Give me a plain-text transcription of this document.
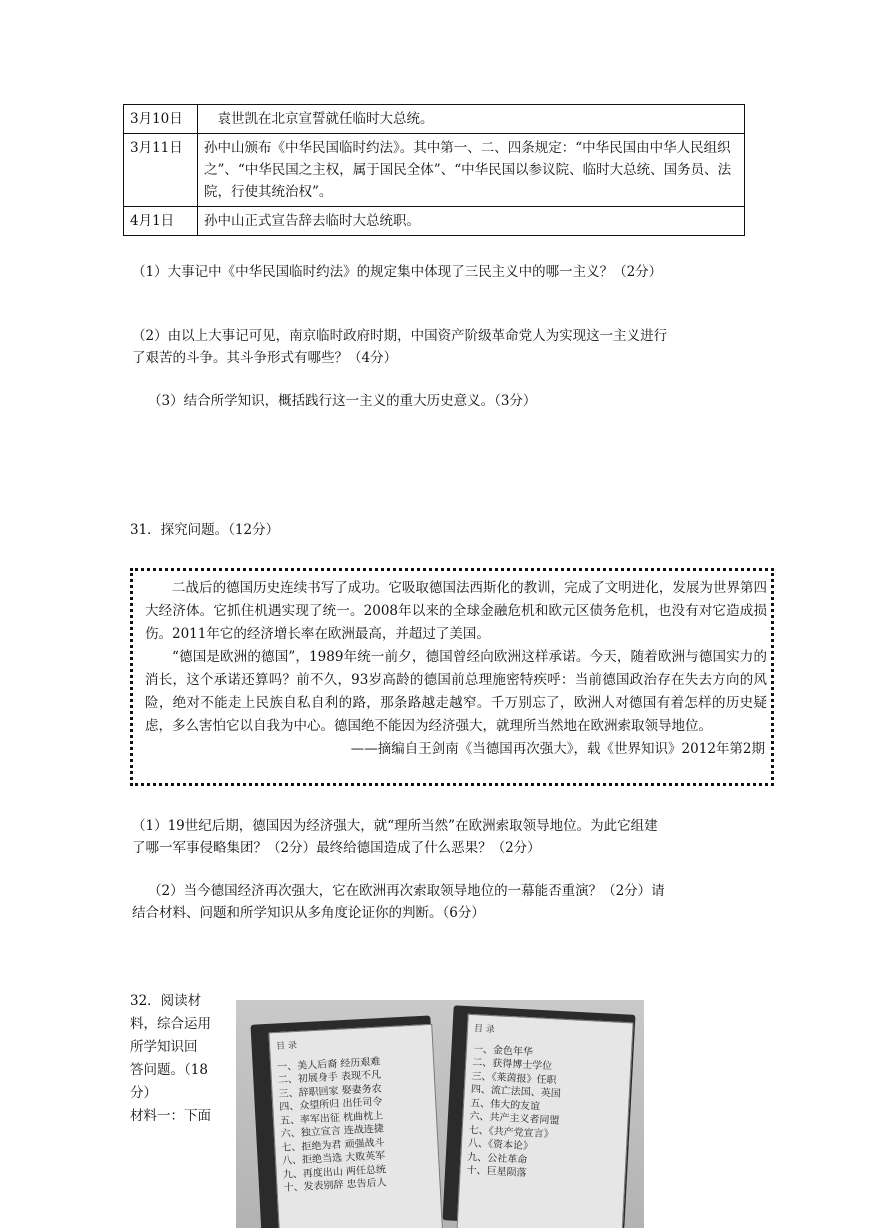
3月10日	　袁世凯在北京宣誓就任临时大总统。
3月11日	孙中山颁布《中华民国临时约法》。其中第一、二、四条规定：“中华民国由中华人民组织之”、“中华民国之主权，属于国民全体”、“中华民国以参议院、临时大总统、国务员、法院，行使其统治权”。
4月1日	孙中山正式宣告辞去临时大总统职。
（1）大事记中《中华民国临时约法》的规定集中体现了三民主义中的哪一主义？（2分）
（2）由以上大事记可见，南京临时政府时期，中国资产阶级革命党人为实现这一主义进行
了艰苦的斗争。其斗争形式有哪些？（4分）
（3）结合所学知识，概括践行这一主义的重大历史意义。（3分）
31．探究问题。（12分）

二战后的德国历史连续书写了成功。它吸取德国法西斯化的教训，完成了文明进化，发展为世界第四大经济体。它抓住机遇实现了统一。2008年以来的全球金融危机和欧元区债务危机，也没有对它造成损伤。2011年它的经济增长率在欧洲最高，并超过了美国。

“德国是欧洲的德国”，1989年统一前夕，德国曾经向欧洲这样承诺。今天，随着欧洲与德国实力的消长，这个承诺还算吗？前不久，93岁高龄的德国前总理施密特疾呼：当前德国政治存在失去方向的风险，绝对不能走上民族自私自利的路，那条路越走越窄。千万别忘了，欧洲人对德国有着怎样的历史疑虑，多么害怕它以自我为中心。德国绝不能因为经济强大，就理所当然地在欧洲索取领导地位。

——摘编自王剑南《当德国再次强大》，载《世界知识》2012年第2期

（1）19世纪后期，德国因为经济强大，就“理所当然”在欧洲索取领导地位。为此它组建
了哪一军事侵略集团？（2分）最终给德国造成了什么恶果？（2分）
（2）当今德国经济再次强大，它在欧洲再次索取领导地位的一幕能否重演？（2分）请
结合材料、问题和所学知识从多角度论证你的判断。（6分）
32．阅读材
料，综合运用
所学知识回
答问题。（18
分）
材料一：下面
目 录
一、美人后裔 经历艰难
二、初展身手 表现不凡
三、辞职回家 娶妻务农
四、众望所归 出任司令
五、率军出征 枕曲枕上
六、独立宣言 连战连捷
七、拒绝为君 顽强战斗
八、拒绝当选 大败英军
九、再度出山 两任总统
十、发表别辞 忠告后人
目 录
一、金色年华
二、获得博士学位
三、《莱茵报》任职
四、流亡法国、英国
五、伟大的友谊
六、共产主义者同盟
七、《共产党宣言》
八、《资本论》
九、公社革命
十、巨星陨落
